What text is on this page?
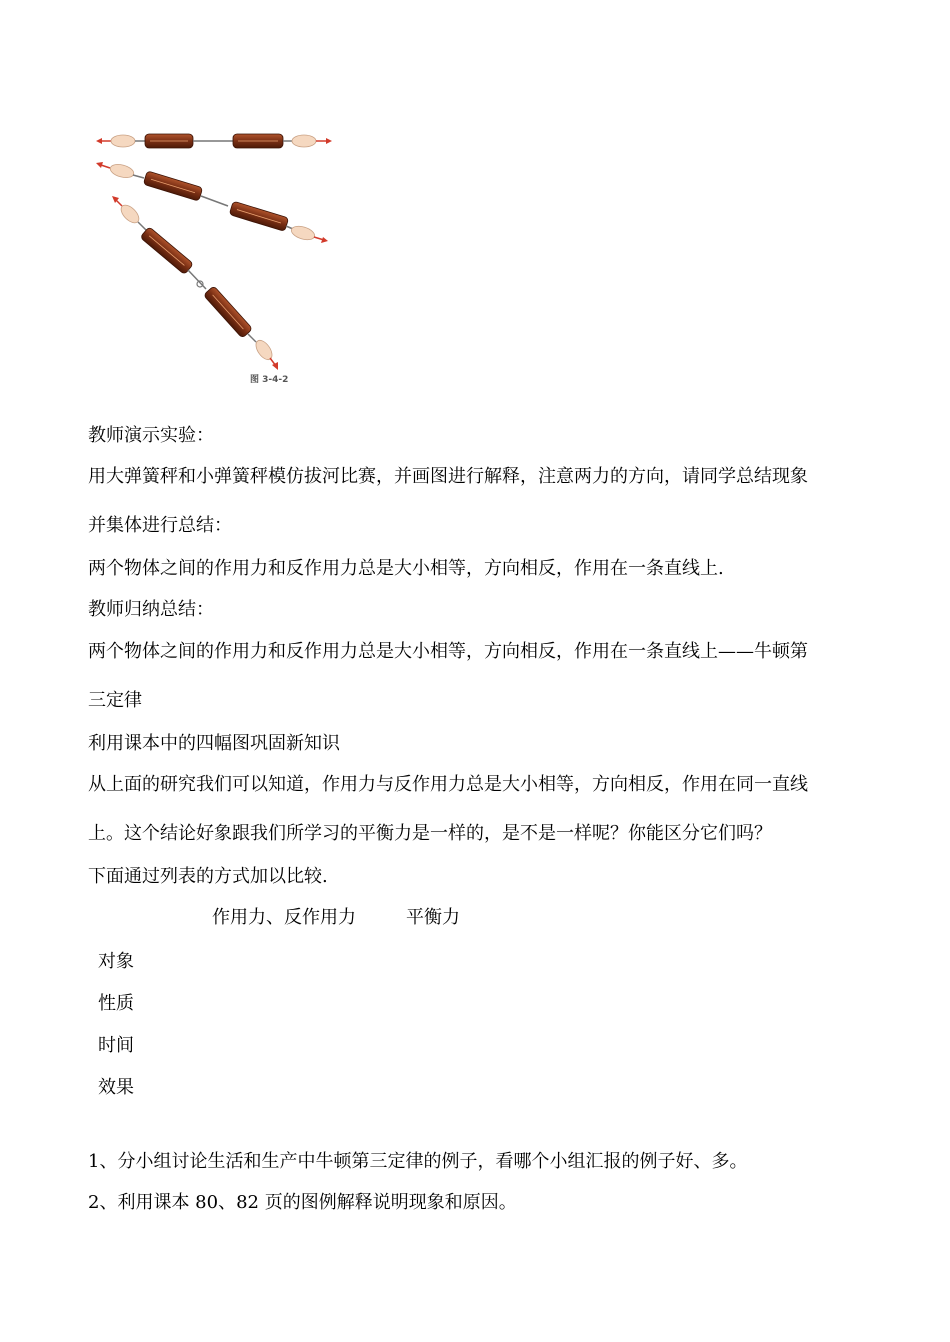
图 3-4-2

教师演示实验：

用大弹簧秤和小弹簧秤模仿拔河比赛，并画图进行解释，注意两力的方向，请同学总结现象

并集体进行总结：

两个物体之间的作用力和反作用力总是大小相等，方向相反，作用在一条直线上.

教师归纳总结：

两个物体之间的作用力和反作用力总是大小相等，方向相反，作用在一条直线上——牛顿第

三定律

利用课本中的四幅图巩固新知识

从上面的研究我们可以知道，作用力与反作用力总是大小相等，方向相反，作用在同一直线

上。这个结论好象跟我们所学习的平衡力是一样的，是不是一样呢？你能区分它们吗？

下面通过列表的方式加以比较.

作用力、反作用力	平衡力
对象
性质
时间
效果

1、分小组讨论生活和生产中牛顿第三定律的例子，看哪个小组汇报的例子好、多。

2、利用课本 80、82 页的图例解释说明现象和原因。
